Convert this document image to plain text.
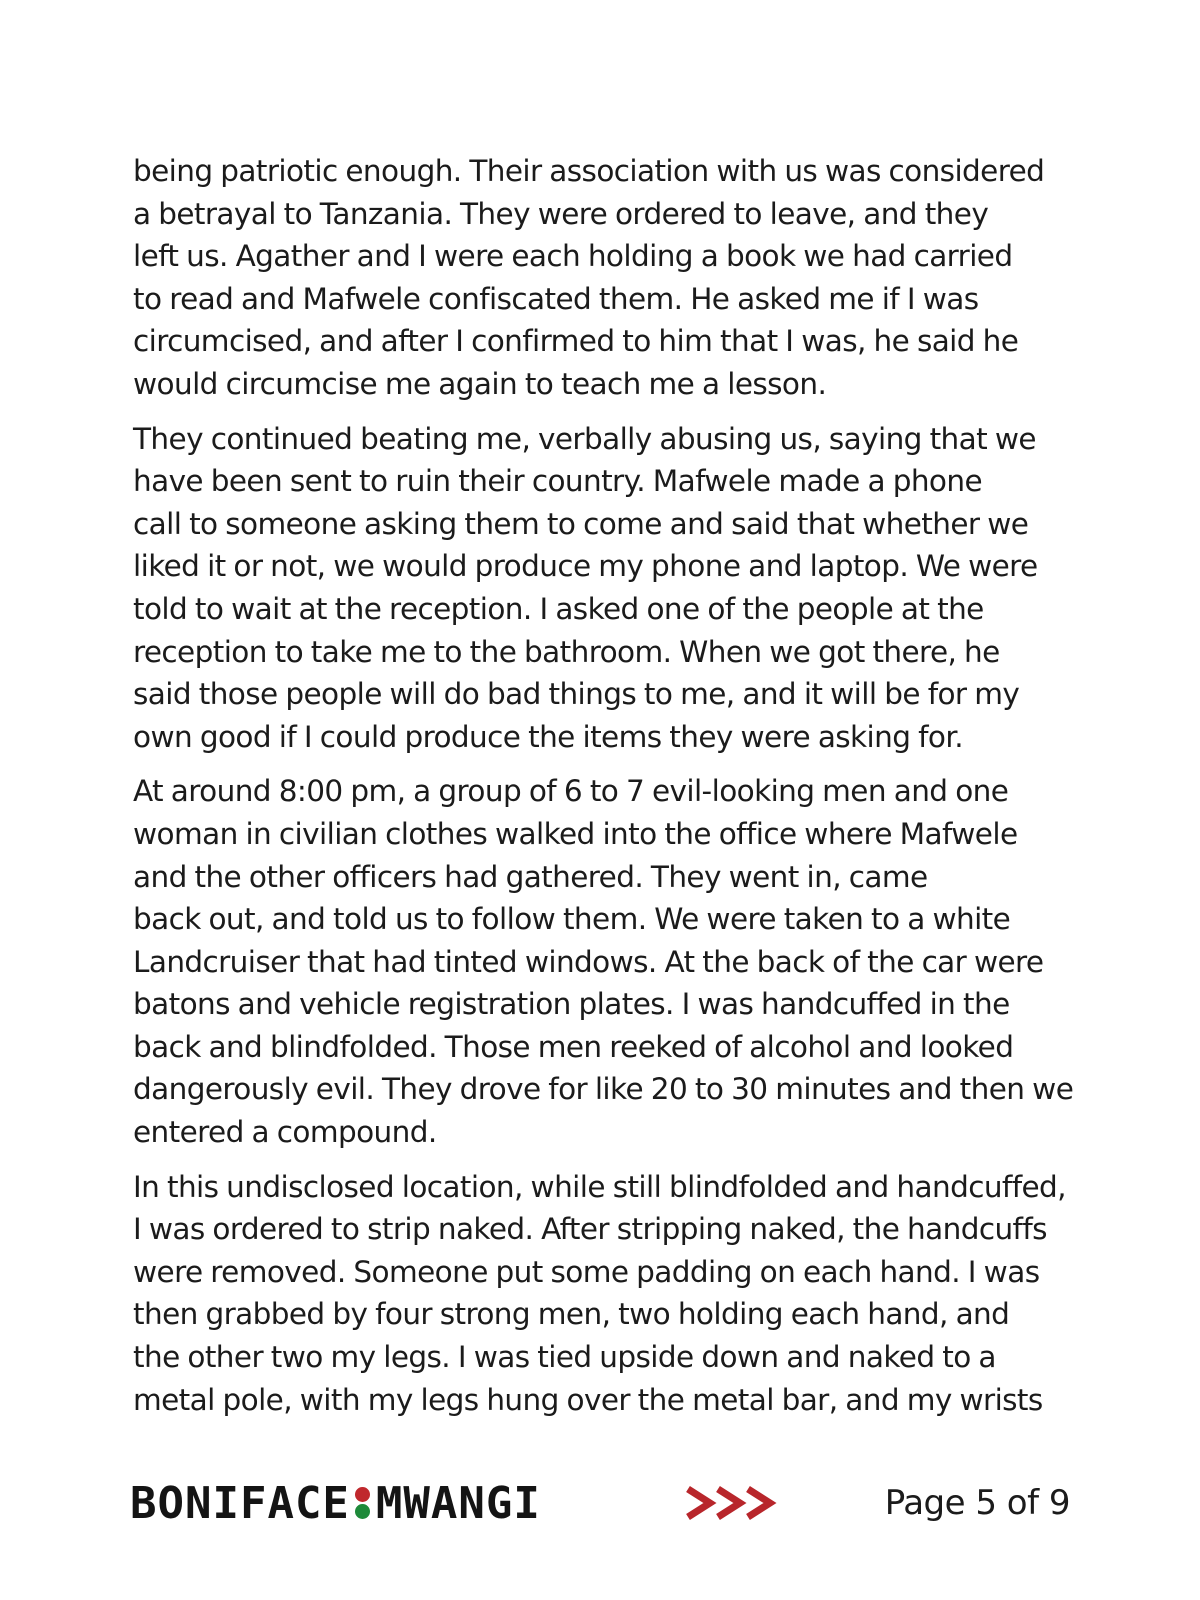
being patriotic enough. Their association with us was considered
a betrayal to Tanzania. They were ordered to leave, and they
left us. Agather and I were each holding a book we had carried
to read and Mafwele confiscated them. He asked me if I was
circumcised, and after I confirmed to him that I was, he said he
would circumcise me again to teach me a lesson.

They continued beating me, verbally abusing us, saying that we
have been sent to ruin their country. Mafwele made a phone
call to someone asking them to come and said that whether we
liked it or not, we would produce my phone and laptop. We were
told to wait at the reception. I asked one of the people at the
reception to take me to the bathroom. When we got there, he
said those people will do bad things to me, and it will be for my
own good if I could produce the items they were asking for.

At around 8:00 pm, a group of 6 to 7 evil-looking men and one
woman in civilian clothes walked into the office where Mafwele
and the other officers had gathered. They went in, came
back out, and told us to follow them. We were taken to a white
Landcruiser that had tinted windows. At the back of the car were
batons and vehicle registration plates. I was handcuffed in the
back and blindfolded. Those men reeked of alcohol and looked
dangerously evil. They drove for like 20 to 30 minutes and then we
entered a compound.

In this undisclosed location, while still blindfolded and handcuffed,
I was ordered to strip naked. After stripping naked, the handcuffs
were removed. Someone put some padding on each hand. I was
then grabbed by four strong men, two holding each hand, and
the other two my legs. I was tied upside down and naked to a
metal pole, with my legs hung over the metal bar, and my wrists

BONIFACE MWANGI	Page 5 of 9
